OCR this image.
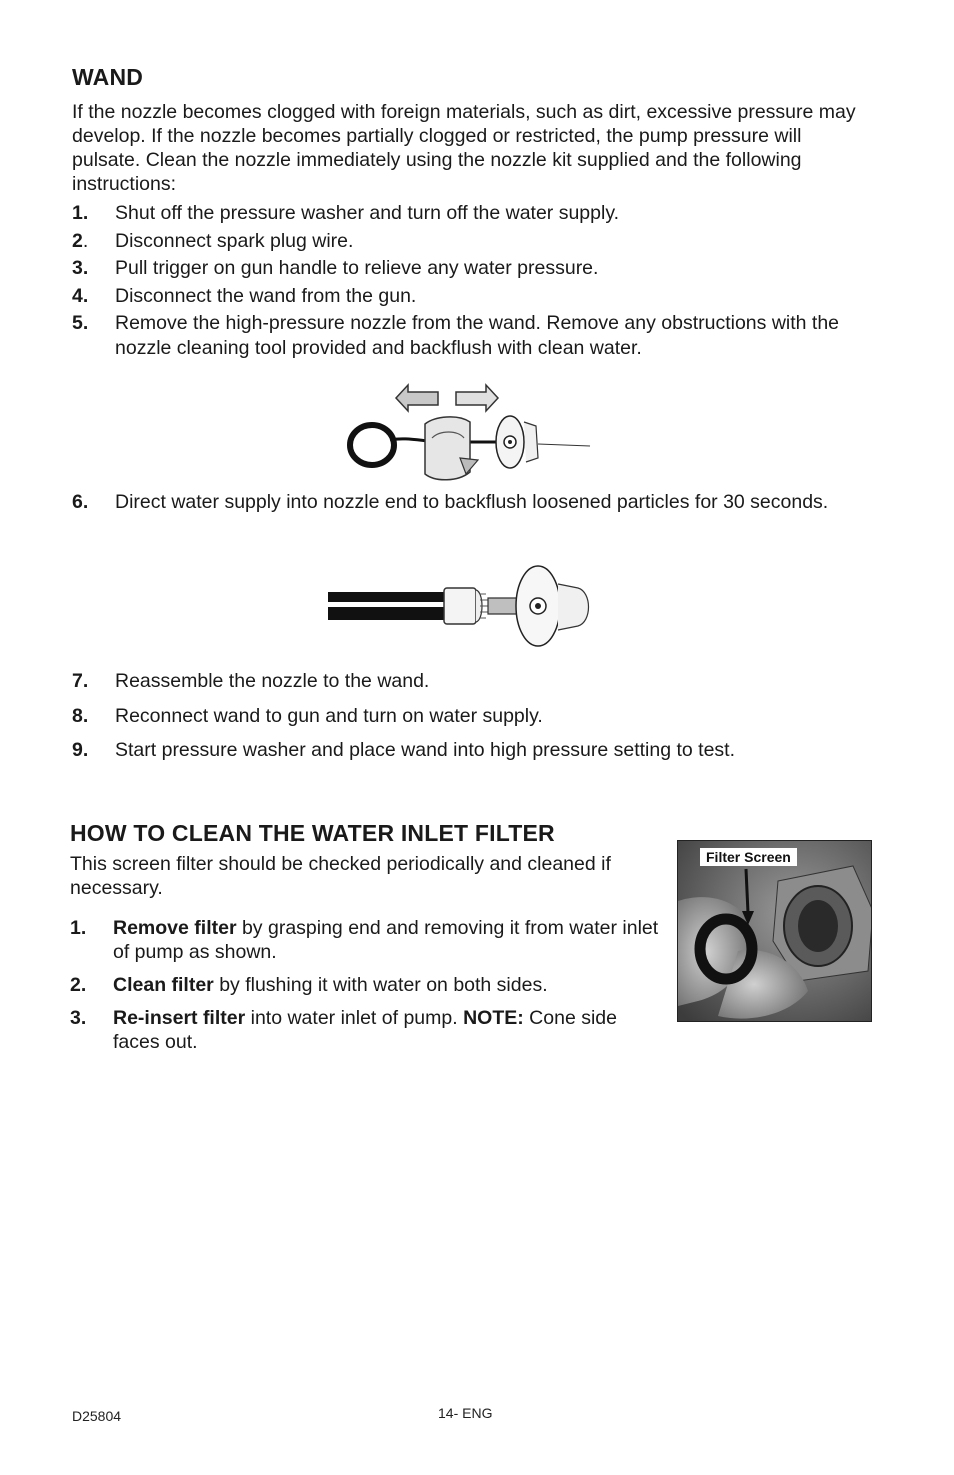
WAND
If the nozzle becomes clogged with foreign materials, such as dirt, excessive pressure may develop. If the nozzle becomes partially clogged or restricted, the pump pressure will pulsate. Clean the nozzle immediately using the nozzle kit supplied and the following instructions:
1. Shut off the pressure washer and turn off the water supply.
2. Disconnect spark plug wire.
3. Pull trigger on gun handle to relieve any water pressure.
4. Disconnect the wand from the gun.
5. Remove the high-pressure nozzle from the wand. Remove any obstructions with the nozzle cleaning tool provided and backflush with clean water.
6. Direct water supply into nozzle end to backflush loosened particles for 30 seconds.
7. Reassemble the nozzle to the wand.
8. Reconnect wand to gun and turn on water supply.
9. Start pressure washer and place wand into high pressure setting to test.
HOW TO CLEAN THE WATER INLET FILTER
This screen filter should be checked periodically and cleaned if necessary.
1. Remove filter by grasping end and removing it from water inlet of pump as shown.
2. Clean filter by flushing it with water on both sides.
3. Re-insert filter into water inlet of pump. NOTE: Cone side faces out.
Filter Screen
D25804	14- ENG
